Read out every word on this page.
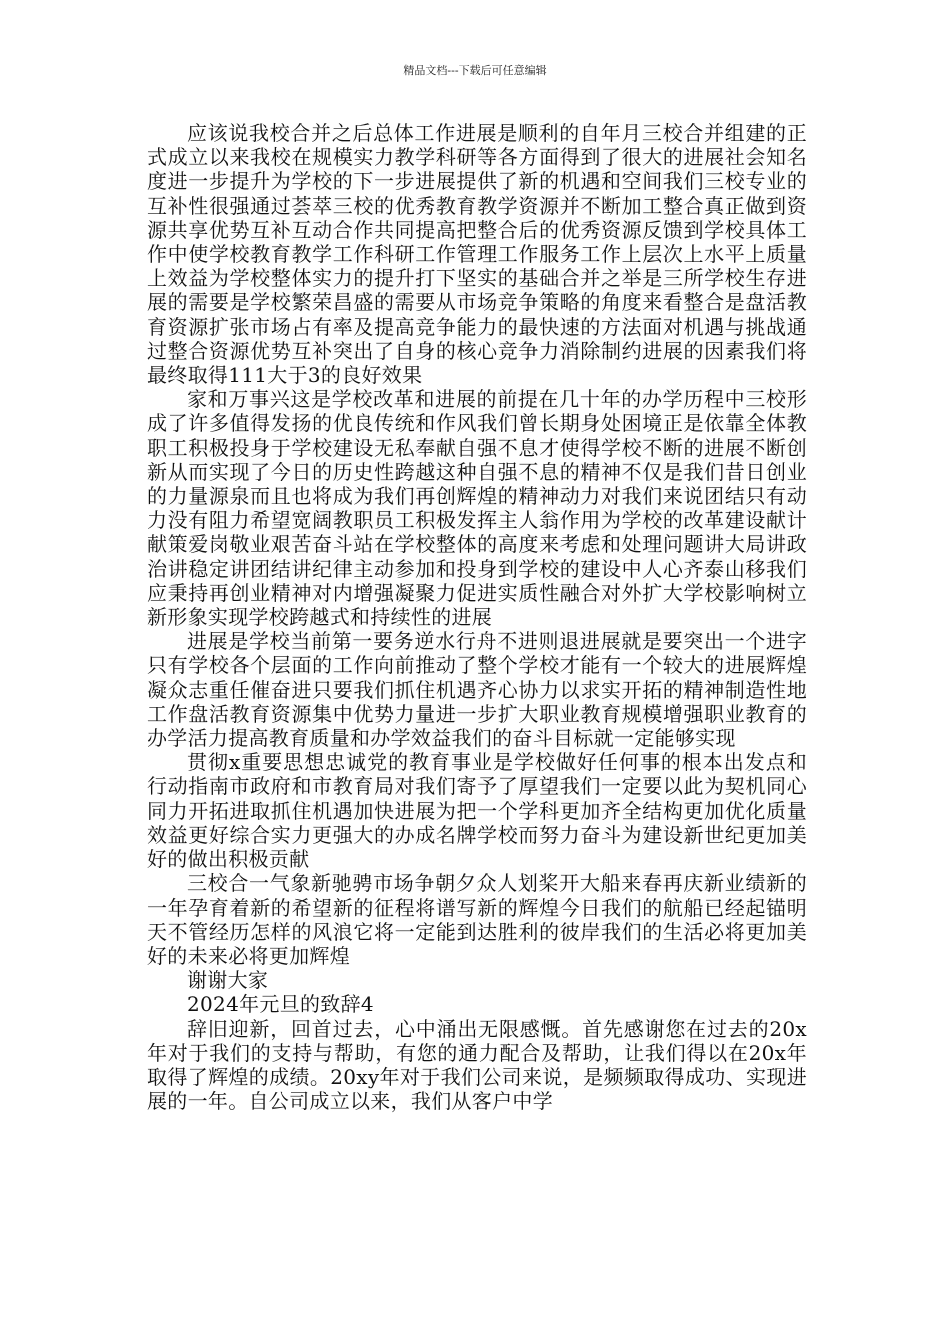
精品文档---下载后可任意编辑

应该说我校合并之后总体工作进展是顺利的自年月三校合并组建的正式成立以来我校在规模实力教学科研等各方面得到了很大的进展社会知名度进一步提升为学校的下一步进展提供了新的机遇和空间我们三校专业的互补性很强通过荟萃三校的优秀教育教学资源并不断加工整合真正做到资源共享优势互补互动合作共同提高把整合后的优秀资源反馈到学校具体工作中使学校教育教学工作科研工作管理工作服务工作上层次上水平上质量上效益为学校整体实力的提升打下坚实的基础合并之举是三所学校生存进展的需要是学校繁荣昌盛的需要从市场竞争策略的角度来看整合是盘活教育资源扩张市场占有率及提高竞争能力的最快速的方法面对机遇与挑战通过整合资源优势互补突出了自身的核心竞争力消除制约进展的因素我们将最终取得111大于3的良好效果

家和万事兴这是学校改革和进展的前提在几十年的办学历程中三校形成了许多值得发扬的优良传统和作风我们曾长期身处困境正是依靠全体教职工积极投身于学校建设无私奉献自强不息才使得学校不断的进展不断创新从而实现了今日的历史性跨越这种自强不息的精神不仅是我们昔日创业的力量源泉而且也将成为我们再创辉煌的精神动力对我们来说团结只有动力没有阻力希望宽阔教职员工积极发挥主人翁作用为学校的改革建设献计献策爱岗敬业艰苦奋斗站在学校整体的高度来考虑和处理问题讲大局讲政治讲稳定讲团结讲纪律主动参加和投身到学校的建设中人心齐泰山移我们应秉持再创业精神对内增强凝聚力促进实质性融合对外扩大学校影响树立新形象实现学校跨越式和持续性的进展

进展是学校当前第一要务逆水行舟不进则退进展就是要突出一个进字只有学校各个层面的工作向前推动了整个学校才能有一个较大的进展辉煌凝众志重任催奋进只要我们抓住机遇齐心协力以求实开拓的精神制造性地工作盘活教育资源集中优势力量进一步扩大职业教育规模增强职业教育的办学活力提高教育质量和办学效益我们的奋斗目标就一定能够实现

贯彻x重要思想忠诚党的教育事业是学校做好任何事的根本出发点和行动指南市政府和市教育局对我们寄予了厚望我们一定要以此为契机同心同力开拓进取抓住机遇加快进展为把一个学科更加齐全结构更加优化质量效益更好综合实力更强大的办成名牌学校而努力奋斗为建设新世纪更加美好的做出积极贡献

三校合一气象新驰骋市场争朝夕众人划桨开大船来春再庆新业绩新的一年孕育着新的希望新的征程将谱写新的辉煌今日我们的航船已经起锚明天不管经历怎样的风浪它将一定能到达胜利的彼岸我们的生活必将更加美好的未来必将更加辉煌

谢谢大家

2024年元旦的致辞4

辞旧迎新，回首过去，心中涌出无限感慨。首先感谢您在过去的20x年对于我们的支持与帮助，有您的通力配合及帮助，让我们得以在20x年取得了辉煌的成绩。20xy年对于我们公司来说，是频频取得成功、实现进展的一年。自公司成立以来，我们从客户中学
